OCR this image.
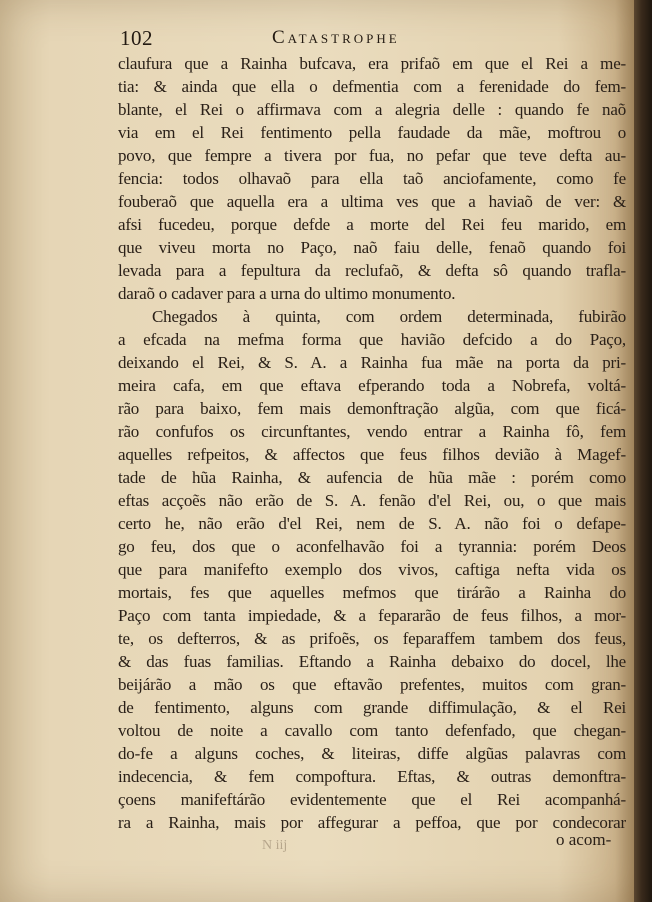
102	Catastrophe
claufura que a Rainha bufcava, era prifaõ em que el Rei a me-
tia: & ainda que ella o defmentia com a ferenidade do fem-
blante, el Rei o affirmava com a alegria delle : quando fe naõ
via em el Rei fentimento pella faudade da mãe, moftrou o
povo, que fempre a tivera por fua, no pefar que teve defta au-
fencia: todos olhavaõ para ella taõ anciofamente, como fe
fouberaõ que aquella era a ultima ves que a haviaõ de ver: &
afsi fucedeu, porque defde a morte del Rei feu marido, em
que viveu morta no Paço, naõ faiu delle, fenaõ quando foi
levada para a fepultura da reclufaõ, & defta sô quando trafla-
daraõ o cadaver para a urna do ultimo monumento.
Chegados à quinta, com ordem determinada, fubirão
a efcada na mefma forma que havião defcido a do Paço,
deixando el Rei, & S. A. a Rainha fua mãe na porta da pri-
meira cafa, em que eftava efperando toda a Nobrefa, voltá-
rão para baixo, fem mais demonftração algũa, com que ficá-
rão confufos os circunftantes, vendo entrar a Rainha fô, fem
aquelles refpeitos, & affectos que feus filhos devião à Magef-
tade de hũa Rainha, & aufencia de hũa mãe : porém como
eftas acçoẽs não erão de S. A. fenão d'el Rei, ou, o que mais
certo he, não erão d'el Rei, nem de S. A. não foi o defape-
go feu, dos que o aconfelhavão foi a tyrannia: porém Deos
que para manifefto exemplo dos vivos, caftiga nefta vida os
mortais, fes que aquelles mefmos que tirárão a Rainha do
Paço com tanta impiedade, & a fepararão de feus filhos, a mor-
te, os defterros, & as prifoẽs, os feparaffem tambem dos feus,
& das fuas familias. Eftando a Rainha debaixo do docel, lhe
beijárão a mão os que eftavão prefentes, muitos com gran-
de fentimento, alguns com grande diffimulação, & el Rei
voltou de noite a cavallo com tanto defenfado, que chegan-
do-fe a alguns coches, & liteiras, diffe algũas palavras com
indecencia, & fem compoftura. Eftas, & outras demonftra-
çoens manifeftárão evidentemente que el Rei acompanhá-
ra a Rainha, mais por affegurar a peffoa, que por condecorar
N iij	o acom-
